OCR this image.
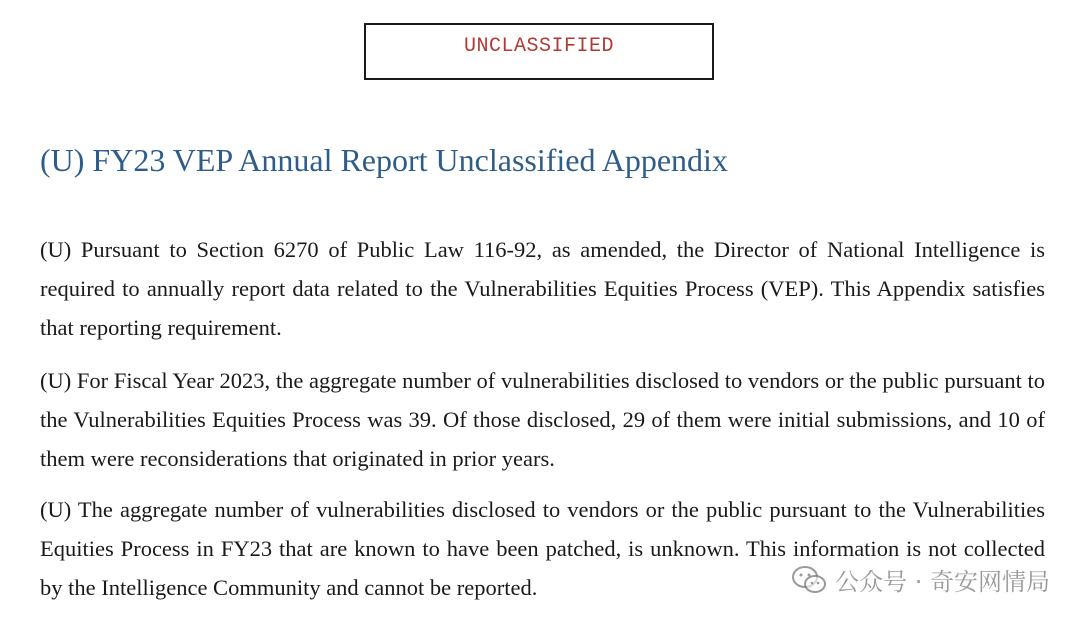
UNCLASSIFIED
(U) FY23 VEP Annual Report Unclassified Appendix

(U) Pursuant to Section 6270 of Public Law 116-92, as amended, the Director of National Intelligence is required to annually report data related to the Vulnerabilities Equities Process (VEP). This Appendix satisfies that reporting requirement.

(U) For Fiscal Year 2023, the aggregate number of vulnerabilities disclosed to vendors or the public pursuant to the Vulnerabilities Equities Process was 39. Of those disclosed, 29 of them were initial submissions, and 10 of them were reconsiderations that originated in prior years.

(U) The aggregate number of vulnerabilities disclosed to vendors or the public pursuant to the Vulnerabilities Equities Process in FY23 that are known to have been patched, is unknown. This information is not collected by the Intelligence Community and cannot be reported.	公众号 · 奇安网情局
